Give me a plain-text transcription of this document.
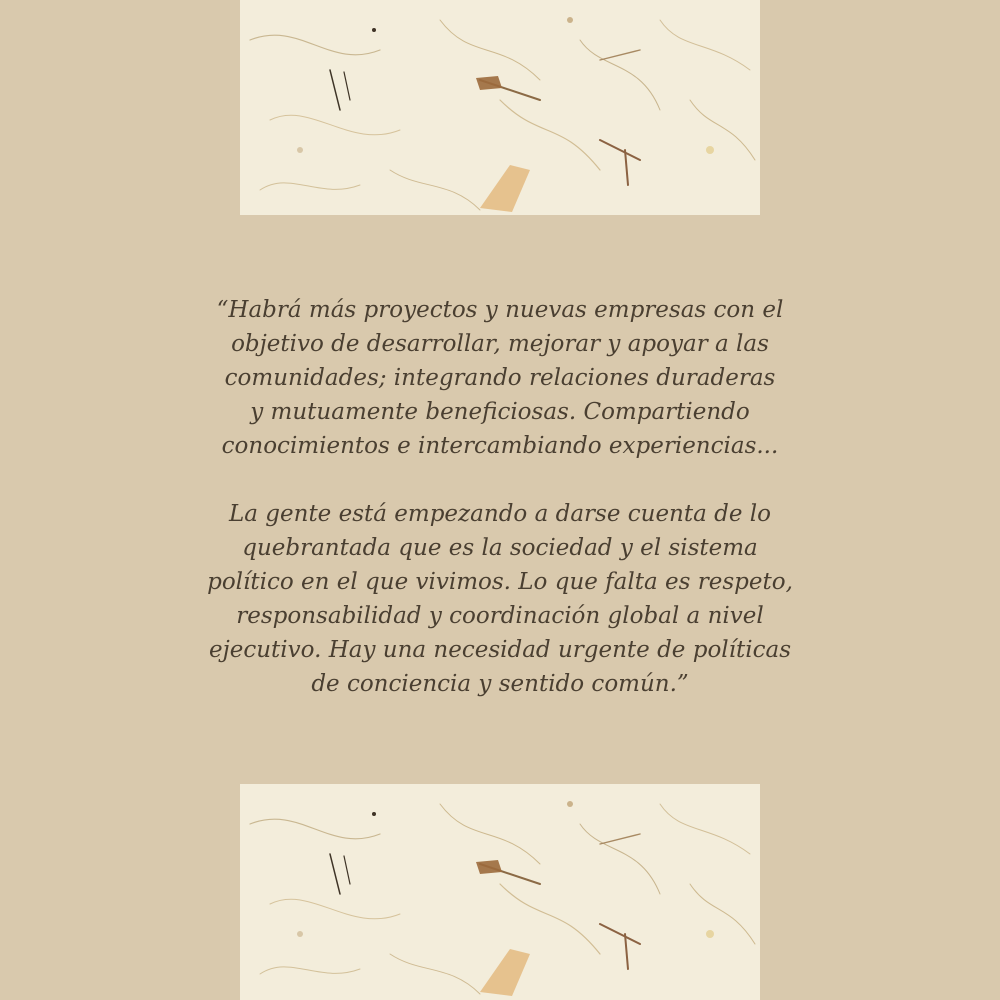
“Habrá más proyectos y nuevas empresas con el
objetivo de desarrollar, mejorar y apoyar a las
comunidades; integrando relaciones duraderas
y mutuamente beneficiosas. Compartiendo
conocimientos e intercambiando experiencias...

La gente está empezando a darse cuenta de lo
quebrantada que es la sociedad y el sistema
político en el que vivimos. Lo que falta es respeto,
responsabilidad y coordinación global a nivel
ejecutivo. Hay una necesidad urgente de políticas
de conciencia y sentido común.”
